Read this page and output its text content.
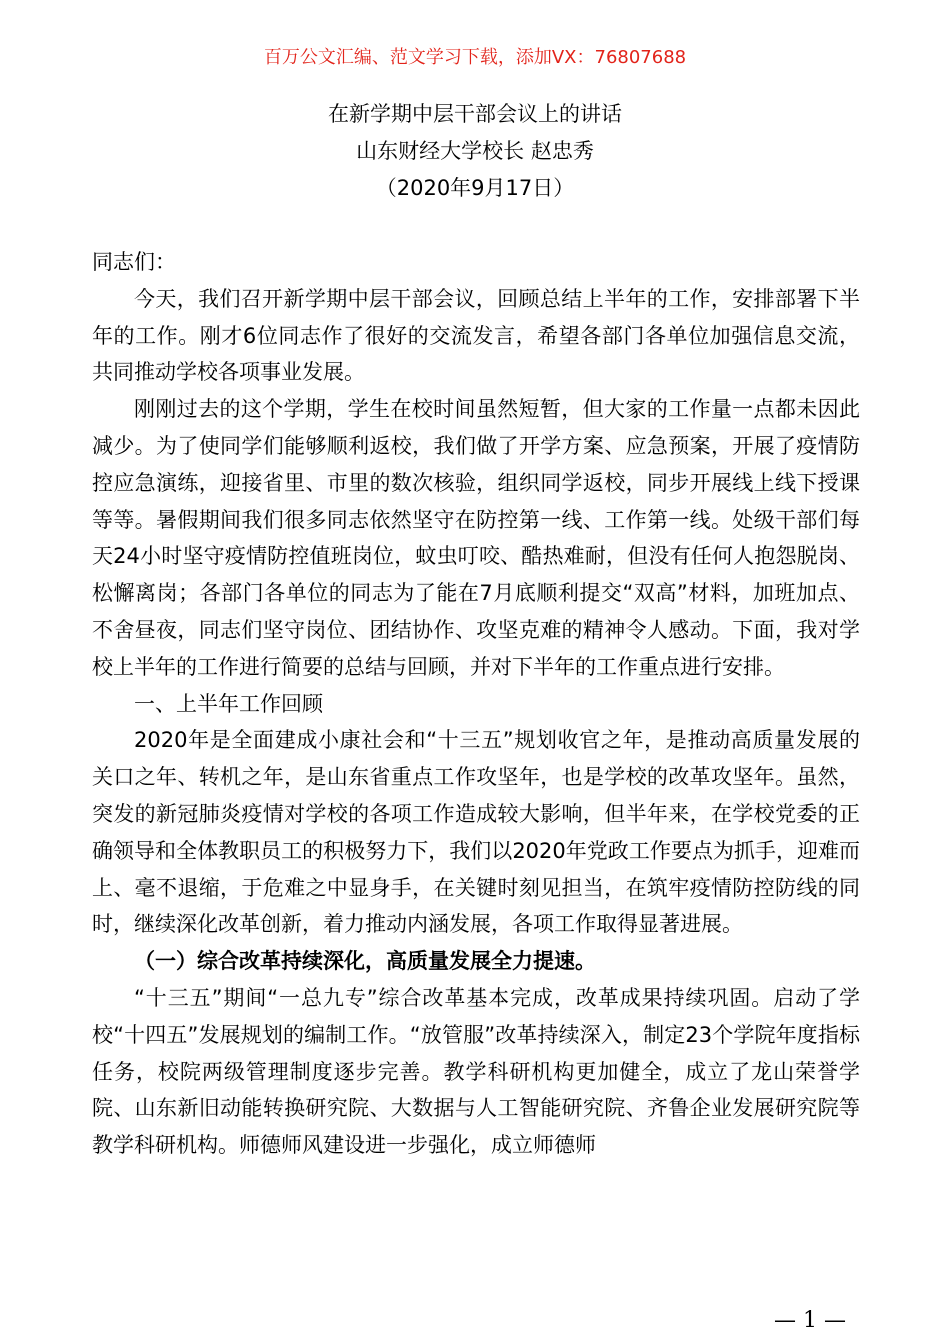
百万公文汇编、范文学习下载，添加VX：76807688
在新学期中层干部会议上的讲话
山东财经大学校长 赵忠秀
（2020年9月17日）

同志们：

今天，我们召开新学期中层干部会议，回顾总结上半年的工作，安排部署下半年的工作。刚才6位同志作了很好的交流发言，希望各部门各单位加强信息交流，共同推动学校各项事业发展。

刚刚过去的这个学期，学生在校时间虽然短暂，但大家的工作量一点都未因此减少。为了使同学们能够顺利返校，我们做了开学方案、应急预案，开展了疫情防控应急演练，迎接省里、市里的数次核验，组织同学返校，同步开展线上线下授课等等。暑假期间我们很多同志依然坚守在防控第一线、工作第一线。处级干部们每天24小时坚守疫情防控值班岗位，蚊虫叮咬、酷热难耐，但没有任何人抱怨脱岗、松懈离岗；各部门各单位的同志为了能在7月底顺利提交“双高”材料，加班加点、不舍昼夜，同志们坚守岗位、团结协作、攻坚克难的精神令人感动。下面，我对学校上半年的工作进行简要的总结与回顾，并对下半年的工作重点进行安排。

一、上半年工作回顾

2020年是全面建成小康社会和“十三五”规划收官之年，是推动高质量发展的关口之年、转机之年，是山东省重点工作攻坚年，也是学校的改革攻坚年。虽然，突发的新冠肺炎疫情对学校的各项工作造成较大影响，但半年来，在学校党委的正确领导和全体教职员工的积极努力下，我们以2020年党政工作要点为抓手，迎难而上、毫不退缩，于危难之中显身手，在关键时刻见担当，在筑牢疫情防控防线的同时，继续深化改革创新，着力推动内涵发展，各项工作取得显著进展。

（一）综合改革持续深化，高质量发展全力提速。

“十三五”期间“一总九专”综合改革基本完成，改革成果持续巩固。启动了学校“十四五”发展规划的编制工作。“放管服”改革持续深入，制定23个学院年度指标任务，校院两级管理制度逐步完善。教学科研机构更加健全，成立了龙山荣誉学院、山东新旧动能转换研究院、大数据与人工智能研究院、齐鲁企业发展研究院等教学科研机构。师德师风建设进一步强化，成立师德师

— 1 —
